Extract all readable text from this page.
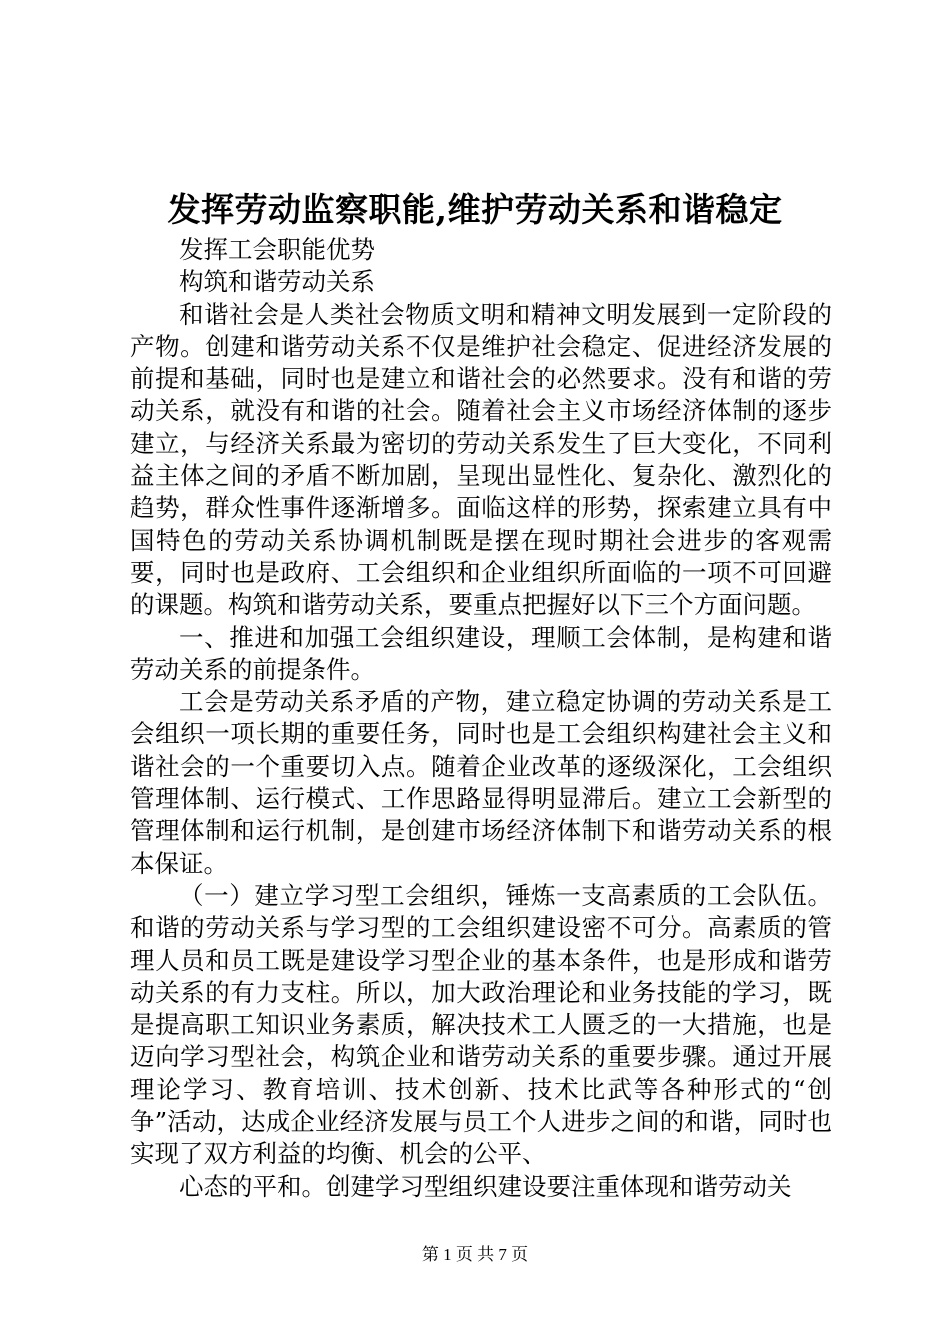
发挥劳动监察职能,维护劳动关系和谐稳定

发挥工会职能优势

构筑和谐劳动关系

和谐社会是人类社会物质文明和精神文明发展到一定阶段的产物。创建和谐劳动关系不仅是维护社会稳定、促进经济发展的前提和基础，同时也是建立和谐社会的必然要求。没有和谐的劳动关系，就没有和谐的社会。随着社会主义市场经济体制的逐步建立，与经济关系最为密切的劳动关系发生了巨大变化，不同利益主体之间的矛盾不断加剧，呈现出显性化、复杂化、激烈化的趋势，群众性事件逐渐增多。面临这样的形势，探索建立具有中国特色的劳动关系协调机制既是摆在现时期社会进步的客观需要，同时也是政府、工会组织和企业组织所面临的一项不可回避的课题。构筑和谐劳动关系，要重点把握好以下三个方面问题。

一、推进和加强工会组织建设，理顺工会体制，是构建和谐劳动关系的前提条件。

工会是劳动关系矛盾的产物，建立稳定协调的劳动关系是工会组织一项长期的重要任务，同时也是工会组织构建社会主义和谐社会的一个重要切入点。随着企业改革的逐级深化，工会组织管理体制、运行模式、工作思路显得明显滞后。建立工会新型的管理体制和运行机制，是创建市场经济体制下和谐劳动关系的根本保证。

（一）建立学习型工会组织，锤炼一支高素质的工会队伍。和谐的劳动关系与学习型的工会组织建设密不可分。高素质的管理人员和员工既是建设学习型企业的基本条件，也是形成和谐劳动关系的有力支柱。所以，加大政治理论和业务技能的学习，既是提高职工知识业务素质，解决技术工人匮乏的一大措施，也是迈向学习型社会，构筑企业和谐劳动关系的重要步骤。通过开展理论学习、教育培训、技术创新、技术比武等各种形式的“创争”活动，达成企业经济发展与员工个人进步之间的和谐，同时也实现了双方利益的均衡、机会的公平、

心态的平和。创建学习型组织建设要注重体现和谐劳动关

第 1 页 共 7 页
